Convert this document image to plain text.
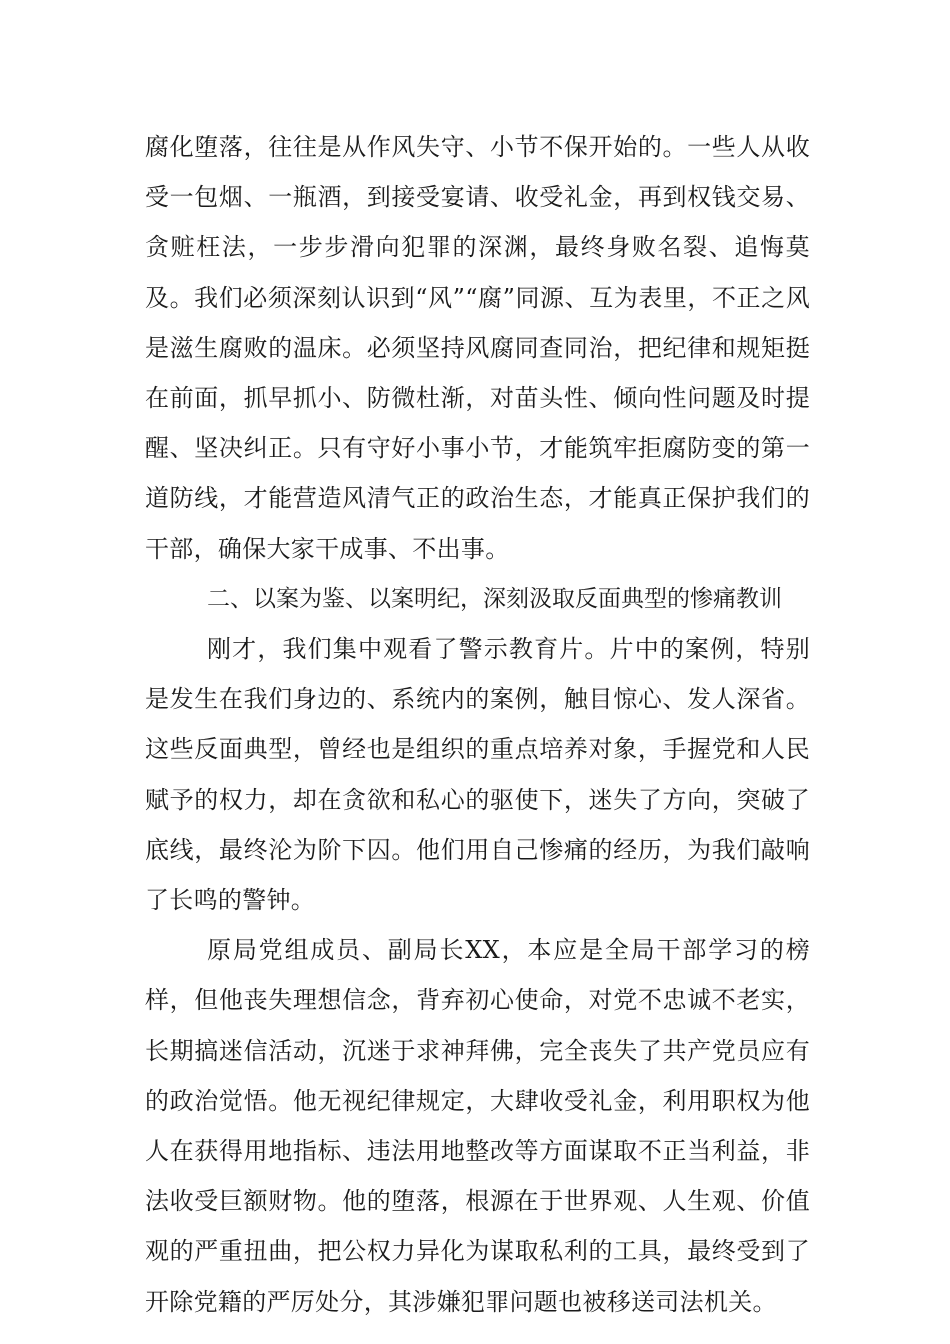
腐化堕落，往往是从作风失守、小节不保开始的。一些人从收受一包烟、一瓶酒，到接受宴请、收受礼金，再到权钱交易、贪赃枉法，一步步滑向犯罪的深渊，最终身败名裂、追悔莫及。我们必须深刻认识到“风”“腐”同源、互为表里，不正之风是滋生腐败的温床。必须坚持风腐同查同治，把纪律和规矩挺在前面，抓早抓小、防微杜渐，对苗头性、倾向性问题及时提醒、坚决纠正。只有守好小事小节，才能筑牢拒腐防变的第一道防线，才能营造风清气正的政治生态，才能真正保护我们的干部，确保大家干成事、不出事。

二、以案为鉴、以案明纪，深刻汲取反面典型的惨痛教训

刚才，我们集中观看了警示教育片。片中的案例，特别是发生在我们身边的、系统内的案例，触目惊心、发人深省。这些反面典型，曾经也是组织的重点培养对象，手握党和人民赋予的权力，却在贪欲和私心的驱使下，迷失了方向，突破了底线，最终沦为阶下囚。他们用自己惨痛的经历，为我们敲响了长鸣的警钟。

原局党组成员、副局长XX，本应是全局干部学习的榜样，但他丧失理想信念，背弃初心使命，对党不忠诚不老实，长期搞迷信活动，沉迷于求神拜佛，完全丧失了共产党员应有的政治觉悟。他无视纪律规定，大肆收受礼金，利用职权为他人在获得用地指标、违法用地整改等方面谋取不正当利益，非法收受巨额财物。他的堕落，根源在于世界观、人生观、价值观的严重扭曲，把公权力异化为谋取私利的工具，最终受到了开除党籍的严厉处分，其涉嫌犯罪问题也被移送司法机关。
